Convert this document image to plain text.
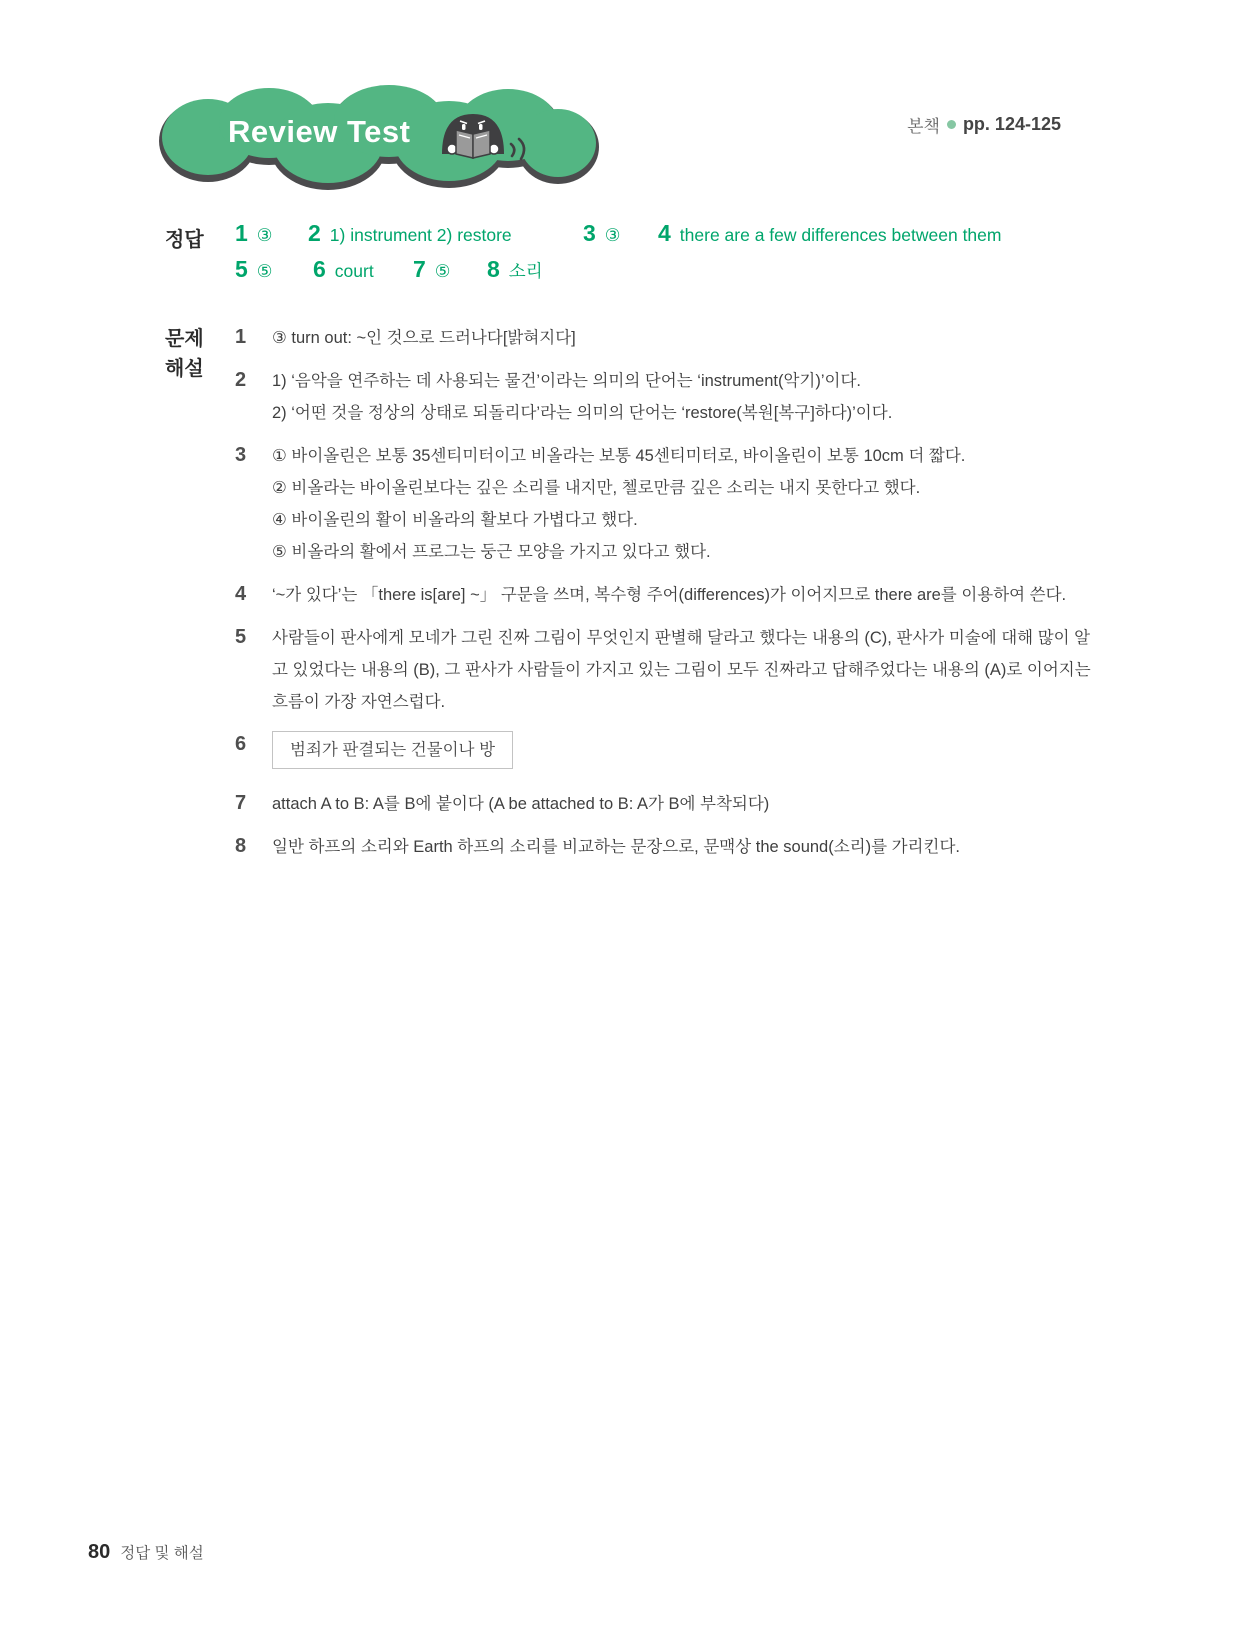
Review Test	본책 pp. 124-125
정답	1 ③ 2 1) instrument 2) restore	3 ③ 4 there are a few differences between them
5 ⑤ 6 court 7 ⑤ 8 소리
문제
해설
1	③ turn out: ~인 것으로 드러나다[밝혀지다]
2	1) ‘음악을 연주하는 데 사용되는 물건’이라는 의미의 단어는 ‘instrument(악기)’이다.
2) ‘어떤 것을 정상의 상태로 되돌리다’라는 의미의 단어는 ‘restore(복원[복구]하다)’이다.
3	① 바이올린은 보통 35센티미터이고 비올라는 보통 45센티미터로, 바이올린이 보통 10cm 더 짧다.
② 비올라는 바이올린보다는 깊은 소리를 내지만, 첼로만큼 깊은 소리는 내지 못한다고 했다.
④ 바이올린의 활이 비올라의 활보다 가볍다고 했다.
⑤ 비올라의 활에서 프로그는 둥근 모양을 가지고 있다고 했다.
4	‘~가 있다’는 「there is[are] ~」 구문을 쓰며, 복수형 주어(differences)가 이어지므로 there are를 이용하여 쓴다.
5	사람들이 판사에게 모네가 그린 진짜 그림이 무엇인지 판별해 달라고 했다는 내용의 (C), 판사가 미술에 대해 많이 알고 있었다는 내용의 (B), 그 판사가 사람들이 가지고 있는 그림이 모두 진짜라고 답해주었다는 내용의 (A)로 이어지는 흐름이 가장 자연스럽다.
6	범죄가 판결되는 건물이나 방
7	attach A to B: A를 B에 붙이다 (A be attached to B: A가 B에 부착되다)
8	일반 하프의 소리와 Earth 하프의 소리를 비교하는 문장으로, 문맥상 the sound(소리)를 가리킨다.
80 정답 및 해설
